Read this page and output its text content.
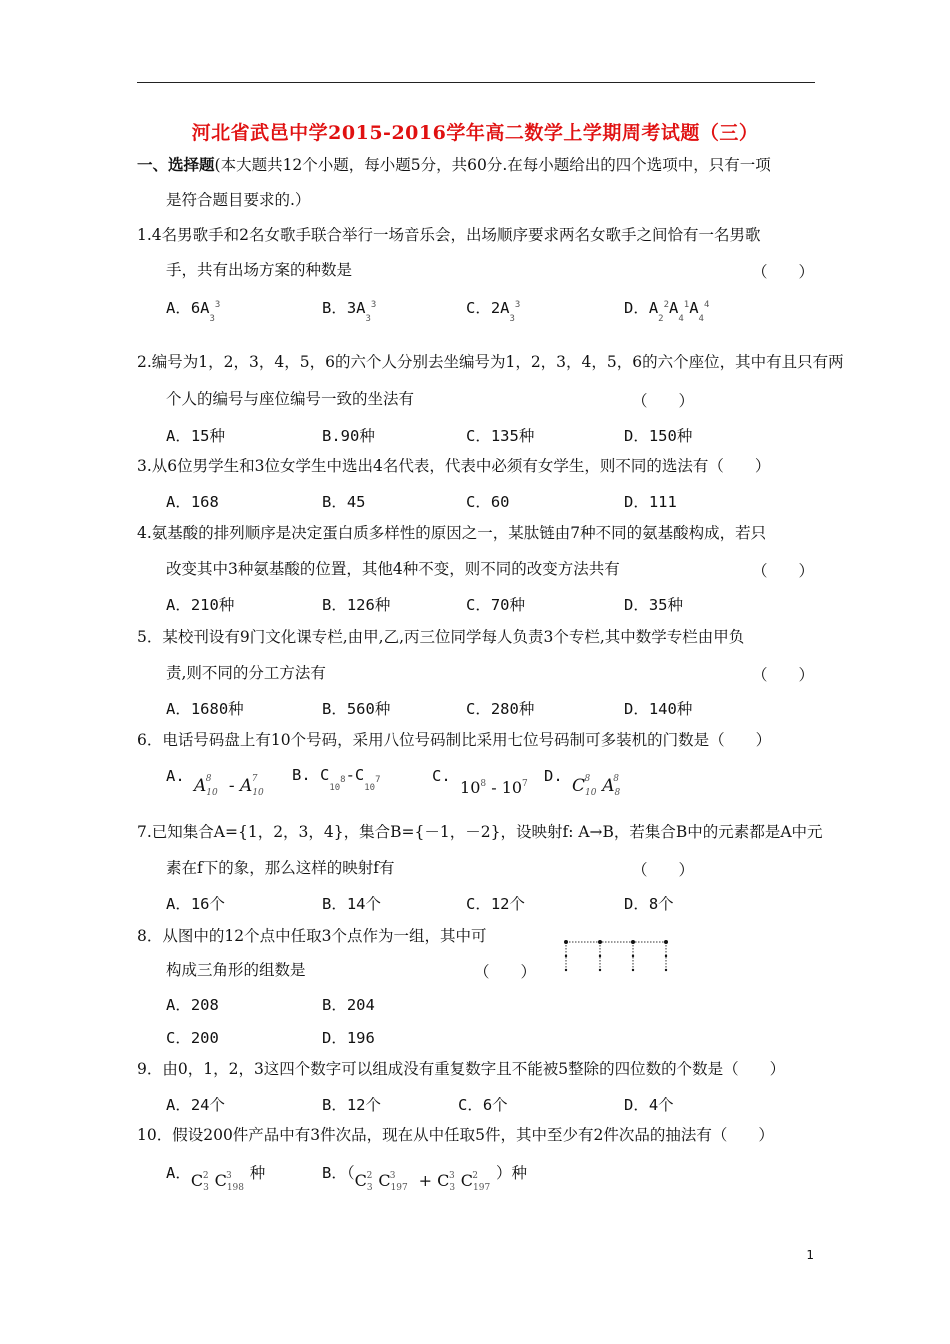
河北省武邑中学2015-2016学年高二数学上学期周考试题（三）
一、选择题(本大题共12个小题，每小题5分，共60分.在每小题给出的四个选项中，只有一项
是符合题目要求的.）
1.4名男歌手和2名女歌手联合举行一场音乐会，出场顺序要求两名女歌手之间恰有一名男歌
手，共有出场方案的种数是	（　　）
A．$6A_3^3$	B．$3A_3^3$	C．$2A_3^3$	D．$A_2^2A_4^1A_4^4$
2.编号为1，2，3，4，5，6的六个人分别去坐编号为1，2，3，4，5，6的六个座位，其中有且只有两
个人的编号与座位编号一致的坐法有	（　　）
A．15种	B.90种	C．135种	D．150种
3.从6位男学生和3位女学生中选出4名代表，代表中必须有女学生，则不同的选法有（　　）
A．168	B．45	C．60	D．111
4.氨基酸的排列顺序是决定蛋白质多样性的原因之一，某肽链由7种不同的氨基酸构成，若只
改变其中3种氨基酸的位置，其他4种不变，则不同的改变方法共有	（　　）
A．210种	B．126种	C．70种	D．35种
5．某校刊设有9门文化课专栏,由甲,乙,丙三位同学每人负责3个专栏,其中数学专栏由甲负
责,则不同的分工方法有	（　　）
A．1680种	B．560种	C．280种	D．140种
6．电话号码盘上有10个号码，采用八位号码制比采用七位号码制可多装机的门数是（　　）
A. $A_{10}^8 - A_{10}^7$	B. $C_{10}8-C_{10}7$	C. $10^8 - 10^7$ D. $C_{10}^8$ $A_8^8$
7.已知集合A={1，2，3，4}，集合B={－1，－2}，设映射f: A→B，若集合B中的元素都是A中元
素在f下的象，那么这样的映射f有	（　　）
A．16个	B．14个	C．12个	D．8个
8．从图中的12个点中任取3个点作为一组，其中可
构成三角形的组数是	（　　）
A．208	B．204
C．200	D．196
9．由0，1，2，3这四个数字可以组成没有重复数字且不能被5整除的四位数的个数是（　　）
A．24个	B．12个	C．6个	D．4个
10．假设200件产品中有3件次品，现在从中任取5件，其中至少有2件次品的抽法有（　　）
A．$C_3^2$ $C_{198}^3$ 种	B．（$C_3^2$ $C_{197}^3 + C_3^3$ $C_{197}^2$ ）种
1
